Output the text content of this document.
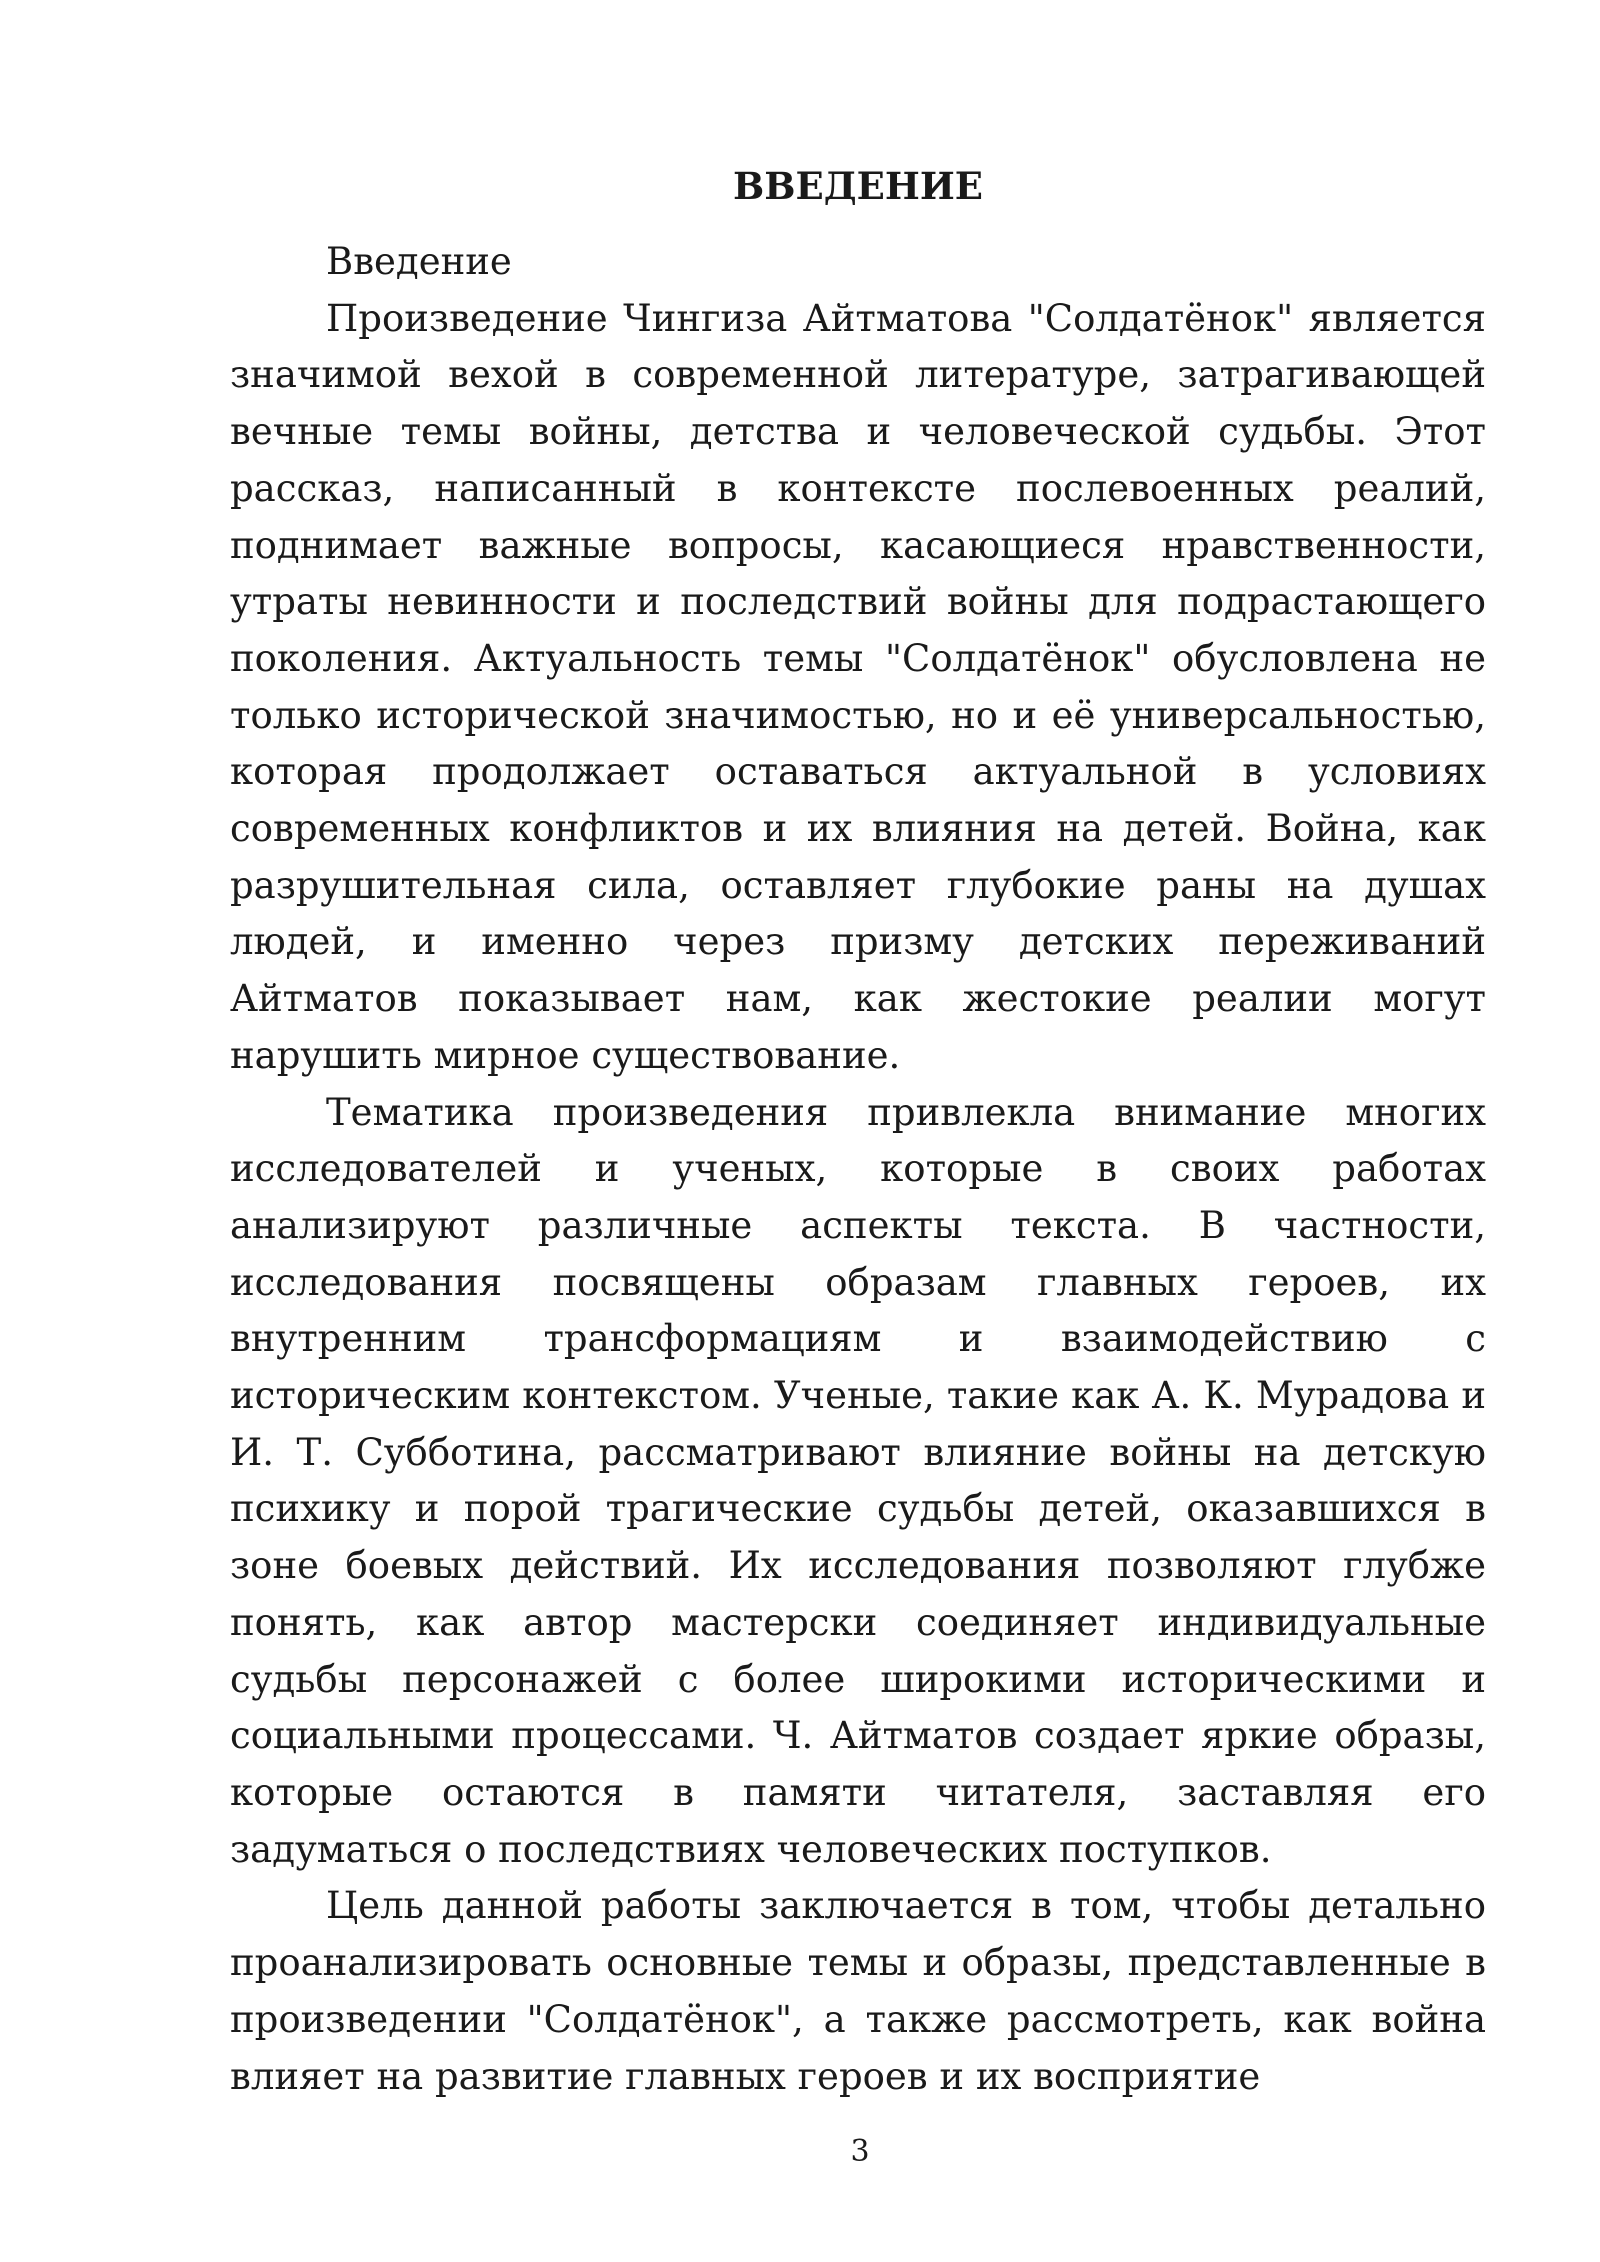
ВВЕДЕНИЕ

Введение

Произведение Чингиза Айтматова "Солдатёнок" является значимой вехой в современной литературе, затрагивающей вечные темы войны, детства и человеческой судьбы. Этот рассказ, написанный в контексте послевоенных реалий, поднимает важные вопросы, касающиеся нравственности, утраты невинности и последствий войны для подрастающего поколения. Актуальность темы "Солдатёнок" обусловлена не только исторической значимостью, но и её универсальностью, которая продолжает оставаться актуальной в условиях современных конфликтов и их влияния на детей. Война, как разрушительная сила, оставляет глубокие раны на душах людей, и именно через призму детских переживаний Айтматов показывает нам, как жестокие реалии могут нарушить мирное существование.

Тематика произведения привлекла внимание многих исследователей и ученых, которые в своих работах анализируют различные аспекты текста. В частности, исследования посвящены образам главных героев, их внутренним трансформациям и взаимодействию с историческим контекстом. Ученые, такие как А. К. Мурадова и И. Т. Субботина, рассматривают влияние войны на детскую психику и порой трагические судьбы детей, оказавшихся в зоне боевых действий. Их исследования позволяют глубже понять, как автор мастерски соединяет индивидуальные судьбы персонажей с более широкими историческими и социальными процессами. Ч. Айтматов создает яркие образы, которые остаются в памяти читателя, заставляя его задуматься о последствиях человеческих поступков.

Цель данной работы заключается в том, чтобы детально проанализировать основные темы и образы, представленные в произведении "Солдатёнок", а также рассмотреть, как война влияет на развитие главных героев и их восприятие

3
